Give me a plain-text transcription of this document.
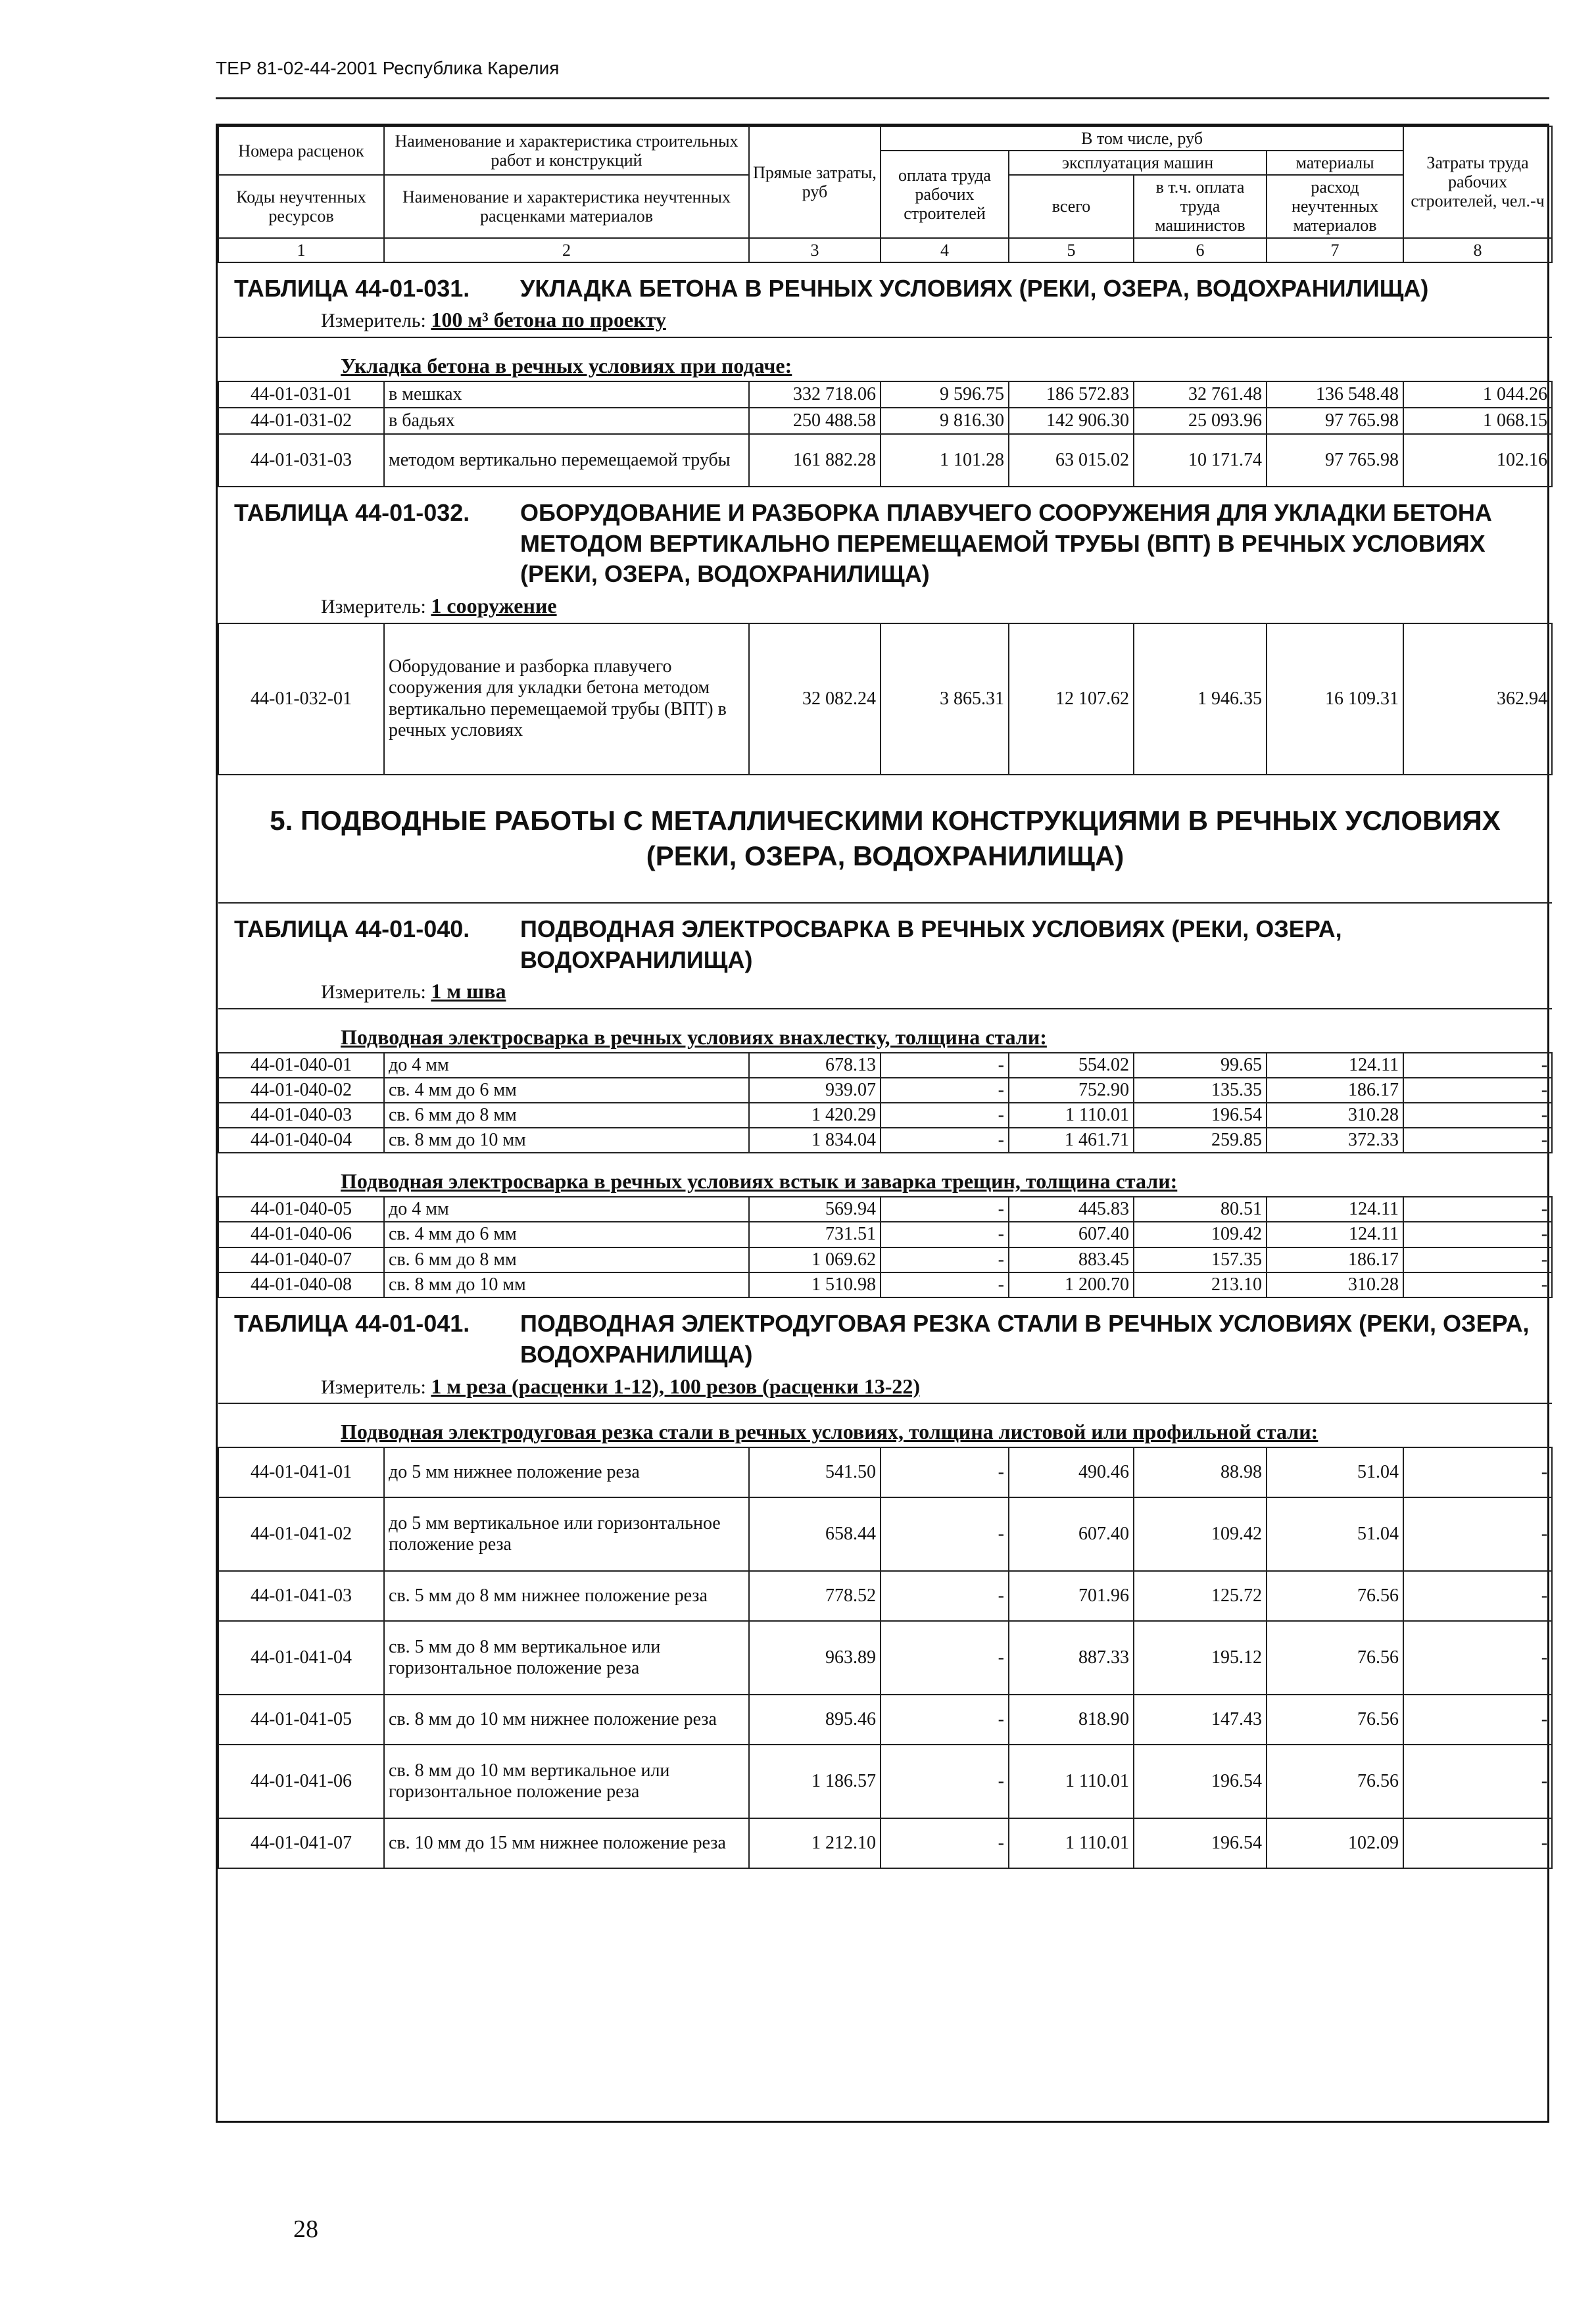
ТЕР 81-02-44-2001 Республика Карелия
Номера расценок	Наименование и характеристика строительных работ и конструкций	Прямые затраты, руб	В том числе, руб				Затраты труда рабочих строителей, чел.-ч
			оплата труда рабочих строителей	эксплуатация машин		материалы	
Коды неучтенных ресурсов	Наименование и характеристика неучтенных расценками материалов			всего	в т.ч. оплата труда машинистов	расход неучтенных материалов	

1	2	3	4	5	6	7	8

ТАБЛИЦА 44-01-031. УКЛАДКА БЕТОНА В РЕЧНЫХ УСЛОВИЯХ (РЕКИ, ОЗЕРА, ВОДОХРАНИЛИЩА)
Измеритель: 100 м³ бетона по проекту							

Укладка бетона в речных условиях при подаче:							

44-01-031-01	в мешках	332 718.06	9 596.75	186 572.83	32 761.48	136 548.48	1 044.26
44-01-031-02	в бадьях	250 488.58	9 816.30	142 906.30	25 093.96	97 765.98	1 068.15
44-01-031-03	методом вертикально перемещаемой трубы	161 882.28	1 101.28	63 015.02	10 171.74	97 765.98	102.16

ТАБЛИЦА 44-01-032. ОБОРУДОВАНИЕ И РАЗБОРКА ПЛАВУЧЕГО СООРУЖЕНИЯ ДЛЯ УКЛАДКИ БЕТОНА МЕТОДОМ ВЕРТИКАЛЬНО ПЕРЕМЕЩАЕМОЙ ТРУБЫ (ВПТ) В РЕЧНЫХ УСЛОВИЯХ (РЕКИ, ОЗЕРА, ВОДОХРАНИЛИЩА)
Измеритель: 1 сооружение							

44-01-032-01	Оборудование и разборка плавучего сооружения для укладки бетона методом вертикально перемещаемой трубы (ВПТ) в речных условиях	32 082.24	3 865.31	12 107.62	1 946.35	16 109.31	362.94

5. ПОДВОДНЫЕ РАБОТЫ С МЕТАЛЛИЧЕСКИМИ КОНСТРУКЦИЯМИ В РЕЧНЫХ УСЛОВИЯХ (РЕКИ, ОЗЕРА, ВОДОХРАНИЛИЩА)							

ТАБЛИЦА 44-01-040. ПОДВОДНАЯ ЭЛЕКТРОСВАРКА В РЕЧНЫХ УСЛОВИЯХ (РЕКИ, ОЗЕРА, ВОДОХРАНИЛИЩА)
Измеритель: 1 м шва							

Подводная электросварка в речных условиях внахлестку, толщина стали:							

44-01-040-01	до 4 мм	678.13	-	554.02	99.65	124.11	-
44-01-040-02	св. 4 мм до 6 мм	939.07	-	752.90	135.35	186.17	-
44-01-040-03	св. 6 мм до 8 мм	1 420.29	-	1 110.01	196.54	310.28	-
44-01-040-04	св. 8 мм до 10 мм	1 834.04	-	1 461.71	259.85	372.33	-

Подводная электросварка в речных условиях встык и заварка трещин, толщина стали:							

44-01-040-05	до 4 мм	569.94	-	445.83	80.51	124.11	-
44-01-040-06	св. 4 мм до 6 мм	731.51	-	607.40	109.42	124.11	-
44-01-040-07	св. 6 мм до 8 мм	1 069.62	-	883.45	157.35	186.17	-
44-01-040-08	св. 8 мм до 10 мм	1 510.98	-	1 200.70	213.10	310.28	-

ТАБЛИЦА 44-01-041. ПОДВОДНАЯ ЭЛЕКТРОДУГОВАЯ РЕЗКА СТАЛИ В РЕЧНЫХ УСЛОВИЯХ (РЕКИ, ОЗЕРА, ВОДОХРАНИЛИЩА)
Измеритель: 1 м реза (расценки 1-12), 100 резов (расценки 13-22)							

Подводная электродуговая резка стали в речных условиях, толщина листовой или профильной стали:							

44-01-041-01	до 5 мм нижнее положение реза	541.50	-	490.46	88.98	51.04	-
44-01-041-02	до 5 мм вертикальное или горизонтальное положение реза	658.44	-	607.40	109.42	51.04	-
44-01-041-03	св. 5 мм до 8 мм нижнее положение реза	778.52	-	701.96	125.72	76.56	-
44-01-041-04	св. 5 мм до 8 мм вертикальное или горизонтальное положение реза	963.89	-	887.33	195.12	76.56	-
44-01-041-05	св. 8 мм до 10 мм нижнее положение реза	895.46	-	818.90	147.43	76.56	-
44-01-041-06	св. 8 мм до 10 мм вертикальное или горизонтальное положение реза	1 186.57	-	1 110.01	196.54	76.56	-
44-01-041-07	св. 10 мм до 15 мм нижнее положение реза	1 212.10	-	1 110.01	196.54	102.09	-
28
